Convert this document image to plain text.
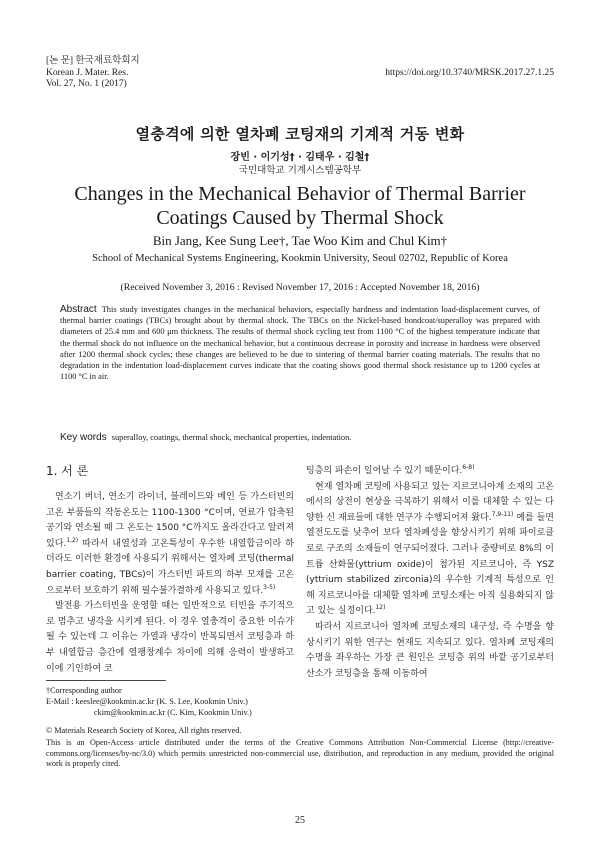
[논 문] 한국재료학회지
Korean J. Mater. Res.
Vol. 27, No. 1 (2017)
https://doi.org/10.3740/MRSK.2017.27.1.25
열충격에 의한 열차폐 코팅재의 기계적 거동 변화
장빈 · 이기성† · 김태우 · 김철†
국민대학교 기계시스템공학부
Changes in the Mechanical Behavior of Thermal Barrier
Coatings Caused by Thermal Shock
Bin Jang, Kee Sung Lee†, Tae Woo Kim and Chul Kim†
School of Mechanical Systems Engineering, Kookmin University, Seoul 02702, Republic of Korea
(Received November 3, 2016 : Revised November 17, 2016 : Accepted November 18, 2016)
Abstract This study investigates changes in the mechanical behaviors, especially hardness and indentation load-displacement curves, of thermal barrier coatings (TBCs) brought about by thermal shock. The TBCs on the Nickel-based bondcoat/superalloy was prepared with diameters of 25.4 mm and 600 μm thickness. The results of thermal shock cycling test from 1100 °C of the highest temperature indicate that the thermal shock do not influence on the mechanical behavior, but a continuous decrease in porosity and increase in hardness were observed after 1200 thermal shock cycles; these changes are believed to be due to sintering of thermal barrier coating materials. The results that no degradation in the indentation load-displacement curves indicate that the coating shows good thermal shock resistance up to 1200 cycles at 1100 °C in air.
Key words superalloy, coatings, thermal shock, mechanical properties, indentation.
1. 서 론

연소기 버너, 연소기 라이너, 블레이드와 베인 등 가스터빈의 고온 부품들의 작동온도는 1100-1300 °C이며, 연료가 압축된 공기와 연소될 때 그 온도는 1500 °C까지도 올라간다고 알려져 있다.$^{1,2)}$ 따라서 내열성과 고온특성이 우수한 내열합금이라 하더라도 이러한 환경에 사용되기 위해서는 열차폐 코팅(thermal barrier coating, TBCs)이 가스터빈 파트의 하부 모재를 고온으로부터 보호하기 위해 필수불가결하게 사용되고 있다.$^{3-5)}$

발전용 가스터빈을 운영할 때는 일반적으로 터빈을 주기적으로 멈추고 냉각을 시키게 된다. 이 경우 열충격이 중요한 이슈가 될 수 있는데 그 이유는 가열과 냉각이 반복되면서 코팅층과 하부 내열합금 층간에 열팽창계수 차이에 의해 응력이 발생하고 이에 기인하여 코

팅층의 파손이 일어날 수 있기 때문이다.$^{6-8)}$

현재 열차폐 코팅에 사용되고 있는 지르코니아계 소재의 고온에서의 상전이 현상을 극복하기 위해서 이를 대체할 수 있는 다양한 신 재료들에 대한 연구가 수행되어져 왔다.$^{7,9-11)}$ 예를 들면 열전도도를 낮추어 보다 열차폐성을 향상시키기 위해 파이로클로로 구조의 소재들이 연구되어졌다. 그러나 중량비로 8%의 이트륨 산화물(yttrium oxide)이 첨가된 지르코니아, 즉 YSZ (yttrium stabilized zirconia)의 우수한 기계적 특성으로 인해 지르코니아를 대체할 열차폐 코팅소재는 아직 실용화되지 않고 있는 실정이다.$^{12)}$

따라서 지르코니아 열차폐 코팅소재의 내구성, 즉 수명을 향상시키기 위한 연구는 현재도 지속되고 있다. 열차폐 코팅재의 수명을 좌우하는 가장 큰 원인은 코팅층 위의 바깥 공기로부터 산소가 코팅층을 통해 이동하여

†Corresponding author
E-Mail : keeslee@kookmin.ac.kr (K. S. Lee, Kookmin Univ.)
ckim@kookmin.ac.kr (C. Kim, Kookmin Univ.)
© Materials Research Society of Korea, All rights reserved.
This is an Open-Access article distributed under the terms of the Creative Commons Attribution Non-Commercial License (http://creative-commons.org/licenses/by-nc/3.0) which permits unrestricted non-commercial use, distribution, and reproduction in any medium, provided the original work is properly cited.
25
